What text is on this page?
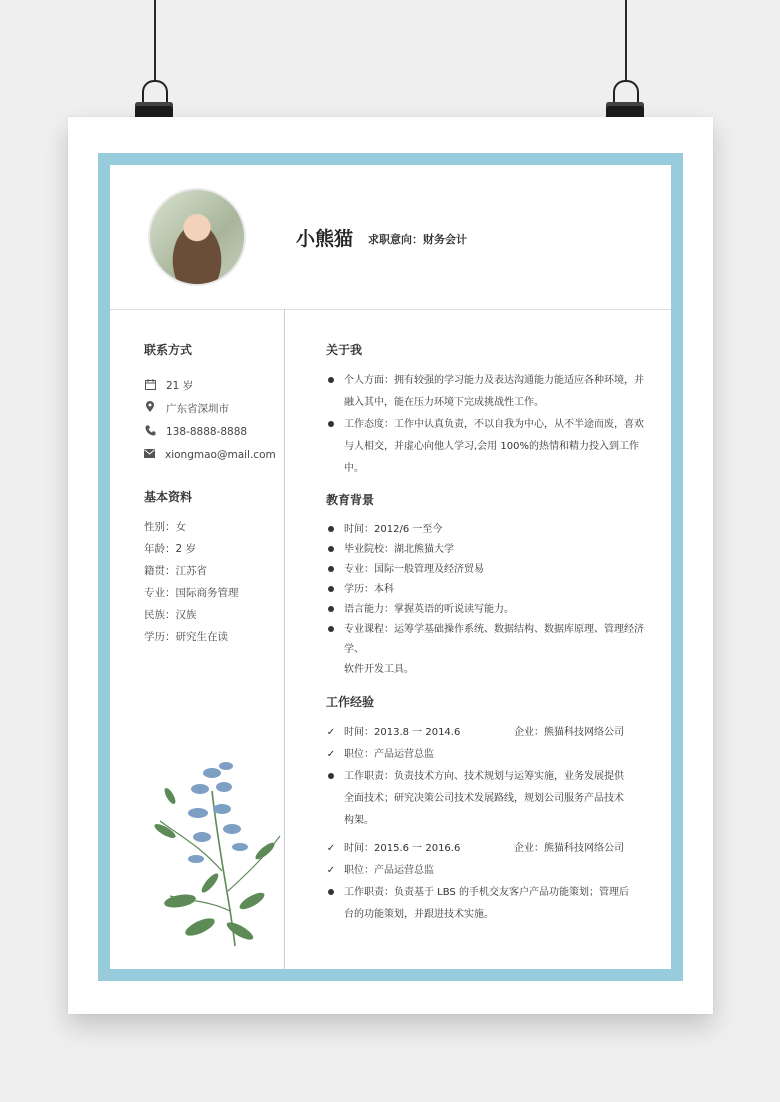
小熊猫 求职意向：财务会计
联系方式
21 岁
广东省深圳市
138-8888-8888
xiongmao@mail.com
基本资料
性别：女
年龄：2 岁
籍贯：江苏省
专业：国际商务管理
民族：汉族
学历：研究生在读
关于我
个人方面：拥有较强的学习能力及表达沟通能力能适应各种环境，并
融入其中，能在压力环境下完成挑战性工作。
工作态度：工作中认真负责，不以自我为中心，从不半途而废，喜欢
与人相交，并虚心向他人学习,会用 100%的热情和精力投入到工作中。
教育背景
时间：2012/6 一至今
毕业院校：湖北熊猫大学
专业：国际一般管理及经济贸易
学历：本科
语言能力：掌握英语的听说读写能力。
专业课程：运筹学基础操作系统、数据结构、数据库原理、管理经济学、
软件开发工具。
工作经验
✓ 时间：2013.8 一 2014.6	企业：熊猫科技网络公司
✓ 职位：产品运营总监
工作职责：负责技术方向、技术规划与运筹实施，业务发展提供
全面技术；研究决策公司技术发展路线，规划公司服务产品技术
构架。
✓ 时间：2015.6 一 2016.6	企业：熊猫科技网络公司
✓ 职位：产品运营总监
工作职责：负责基于 LBS 的手机交友客户产品功能策划；管理后
台的功能策划，并跟进技术实施。
